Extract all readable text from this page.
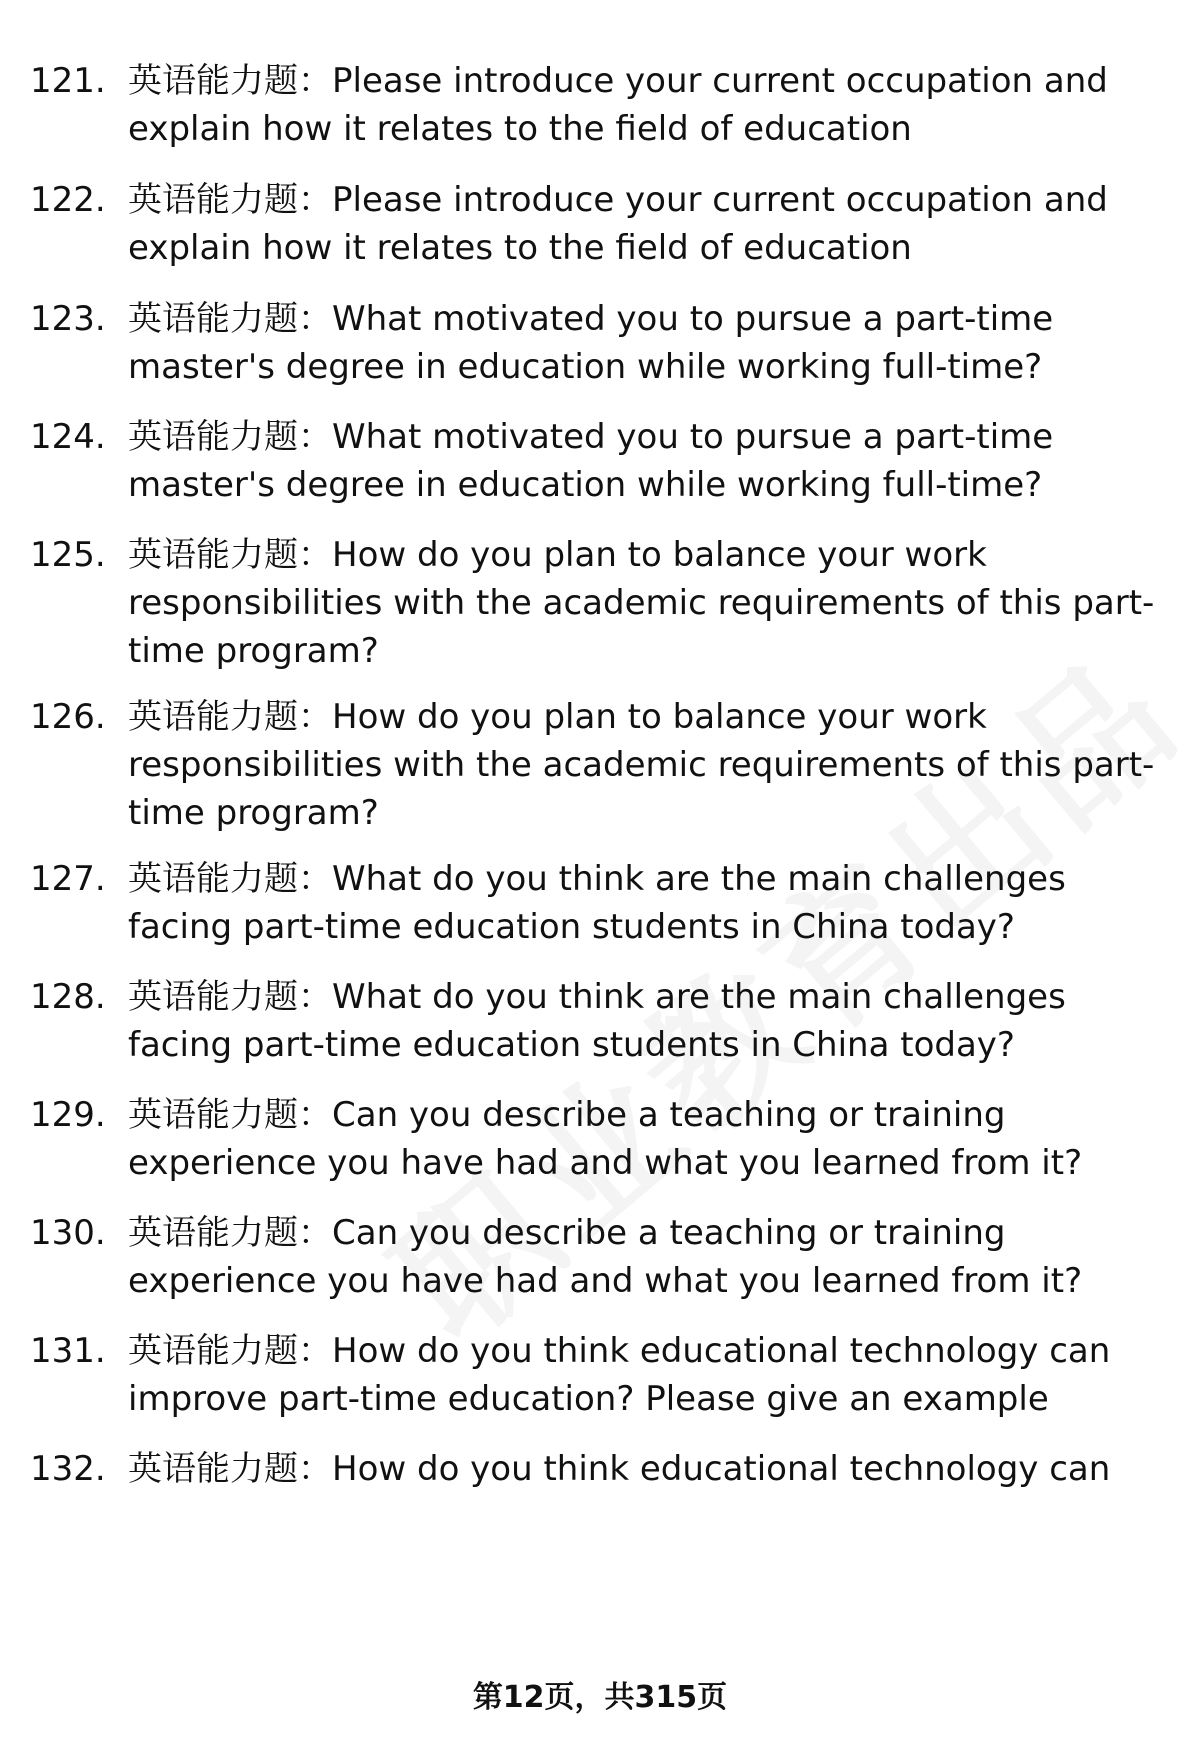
121. 英语能力题：Please introduce your current occupation and explain how it relates to the field of education
122. 英语能力题：Please introduce your current occupation and explain how it relates to the field of education
123. 英语能力题：What motivated you to pursue a part-time master's degree in education while working full-time?
124. 英语能力题：What motivated you to pursue a part-time master's degree in education while working full-time?
125. 英语能力题：How do you plan to balance your work responsibilities with the academic requirements of this part-time program?
126. 英语能力题：How do you plan to balance your work responsibilities with the academic requirements of this part-time program?
127. 英语能力题：What do you think are the main challenges facing part-time education students in China today?
128. 英语能力题：What do you think are the main challenges facing part-time education students in China today?
129. 英语能力题：Can you describe a teaching or training experience you have had and what you learned from it?
130. 英语能力题：Can you describe a teaching or training experience you have had and what you learned from it?
131. 英语能力题：How do you think educational technology can improve part-time education? Please give an example
132. 英语能力题：How do you think educational technology can
第12页，共315页
